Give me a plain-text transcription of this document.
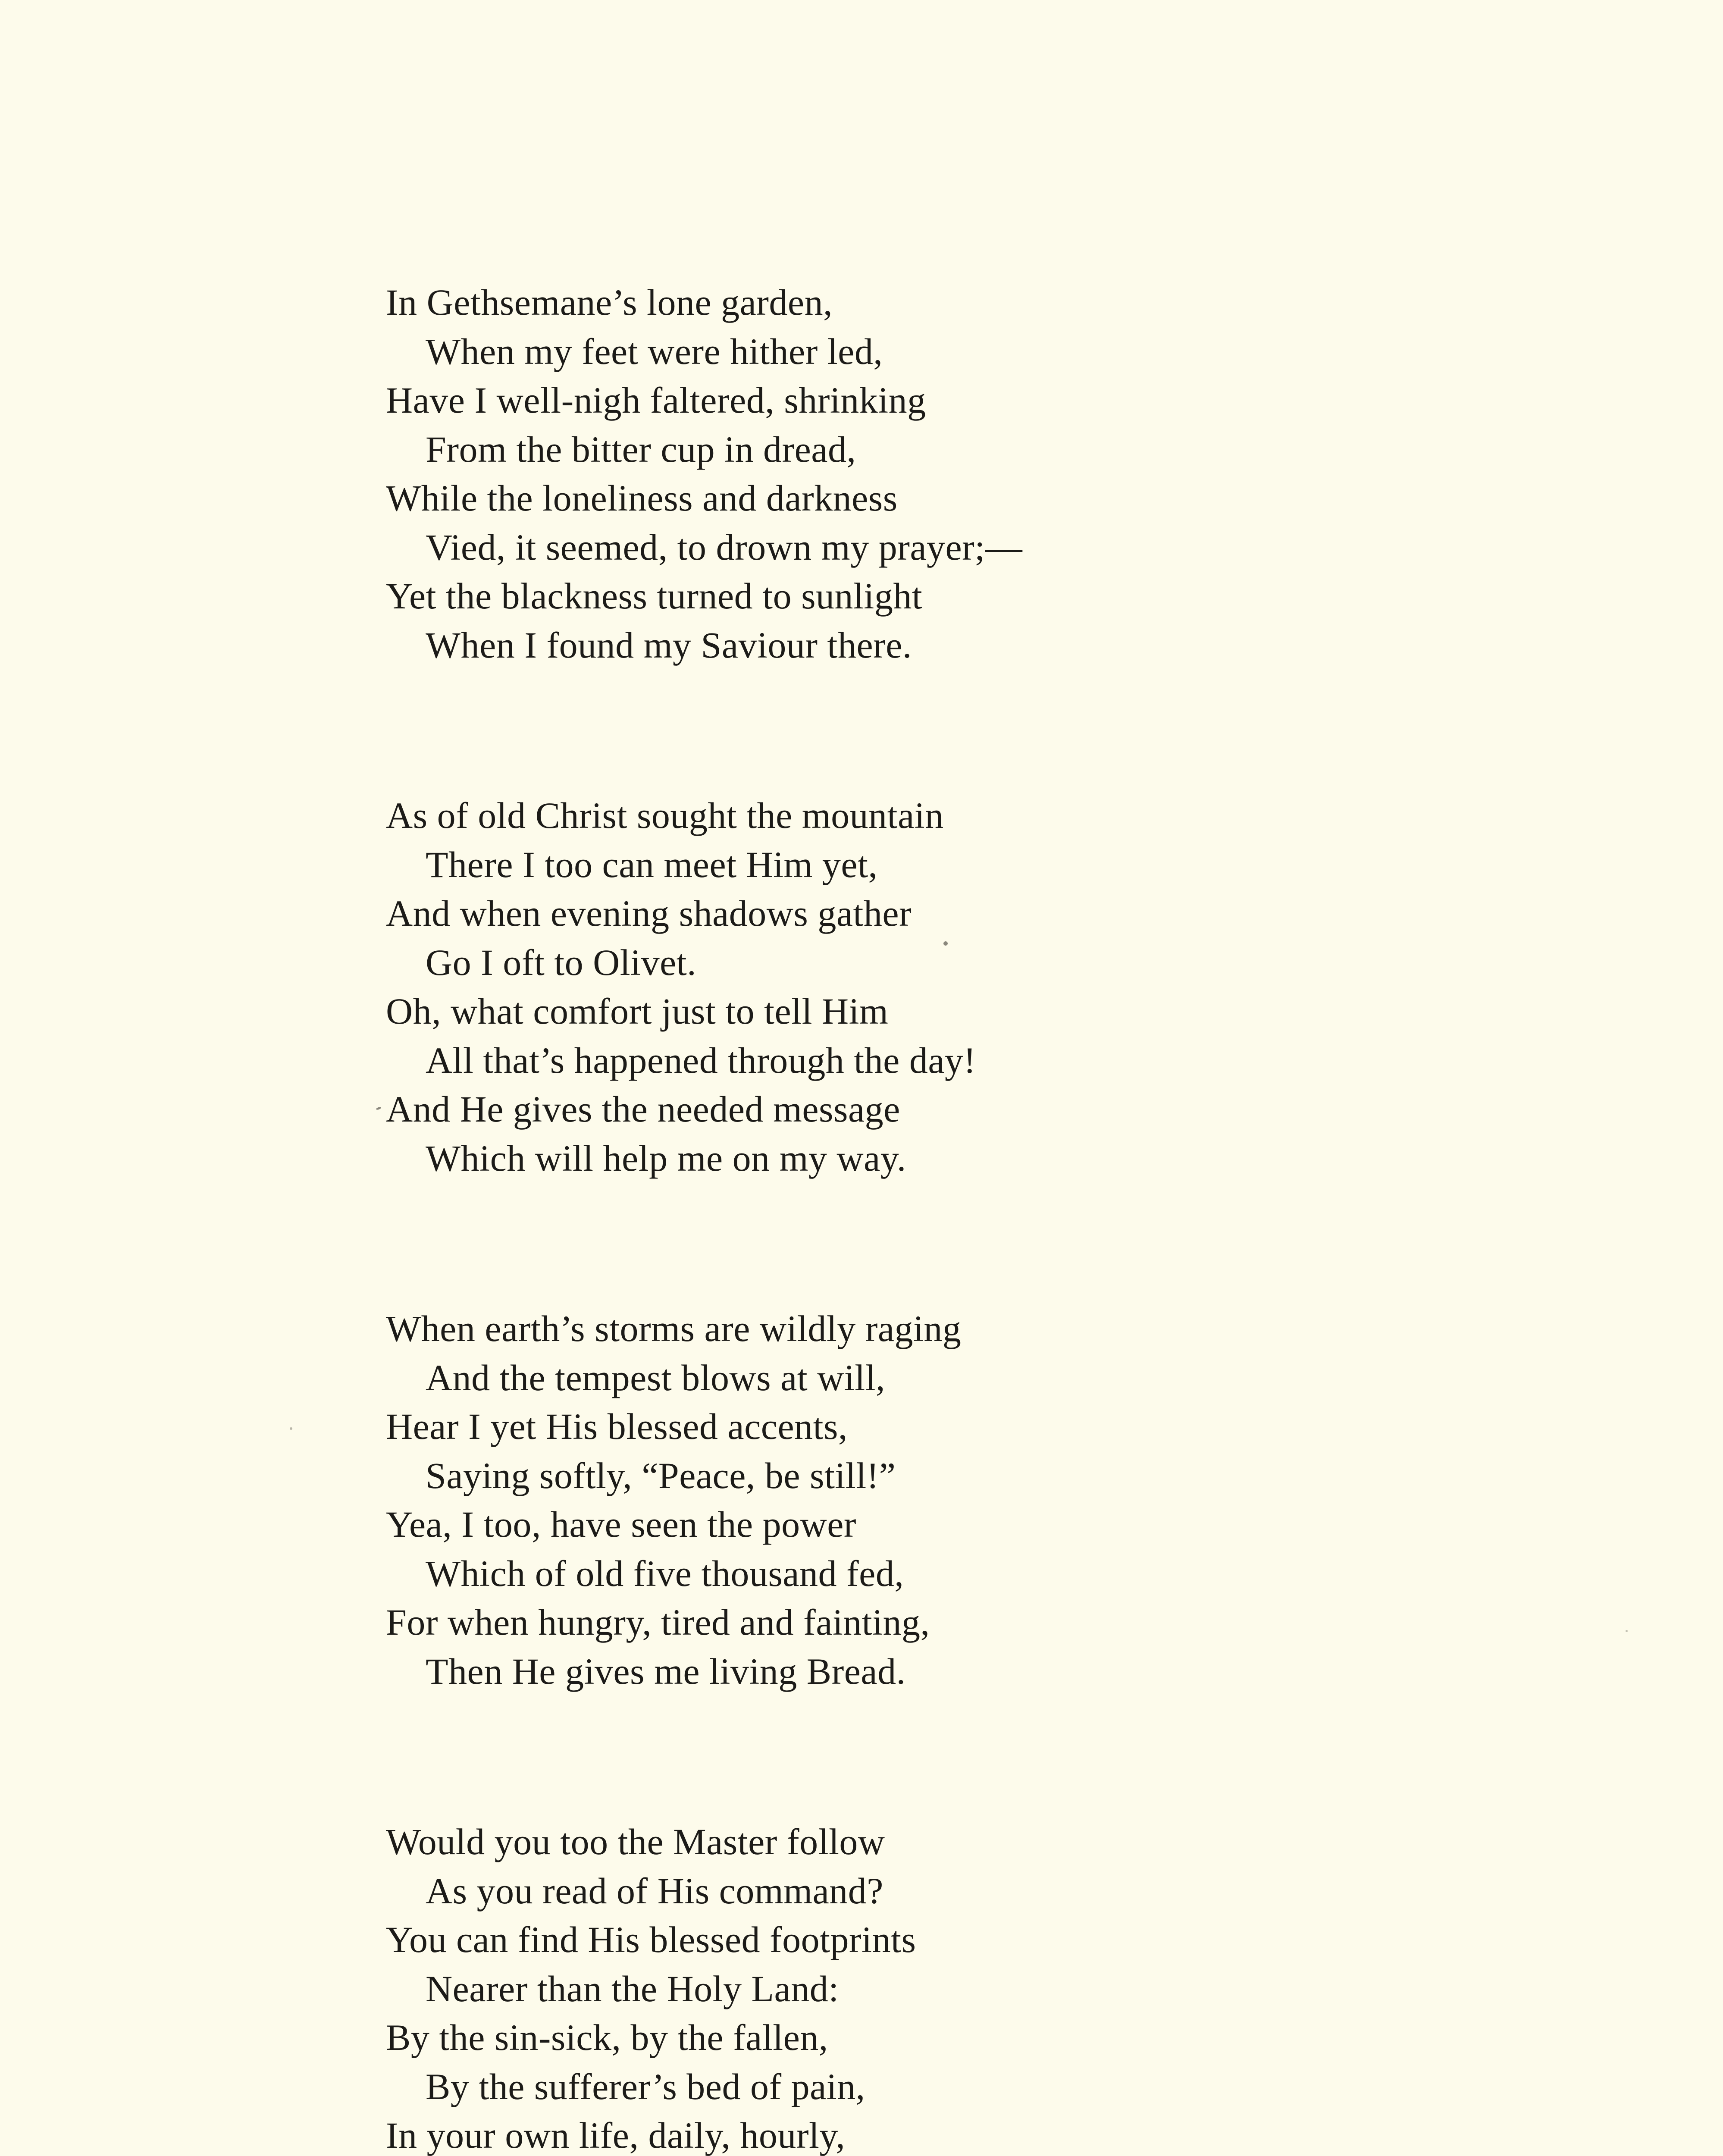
In Gethsemane’s lone garden,
When my feet were hither led,
Have I well-nigh faltered, shrinking
From the bitter cup in dread,
While the loneliness and darkness
Vied, it seemed, to drown my prayer;—
Yet the blackness turned to sunlight
When I found my Saviour there.
As of old Christ sought the mountain
There I too can meet Him yet,
And when evening shadows gather
Go I oft to Olivet.
Oh, what comfort just to tell Him
All that’s happened through the day!
And He gives the needed message
Which will help me on my way.
When earth’s storms are wildly raging
And the tempest blows at will,
Hear I yet His blessed accents,
Saying softly, “Peace, be still!”
Yea, I too, have seen the power
Which of old five thousand fed,
For when hungry, tired and fainting,
Then He gives me living Bread.
Would you too the Master follow
As you read of His command?
You can find His blessed footprints
Nearer than the Holy Land:
By the sin-sick, by the fallen,
By the sufferer’s bed of pain,
In your own life, daily, hourly,
